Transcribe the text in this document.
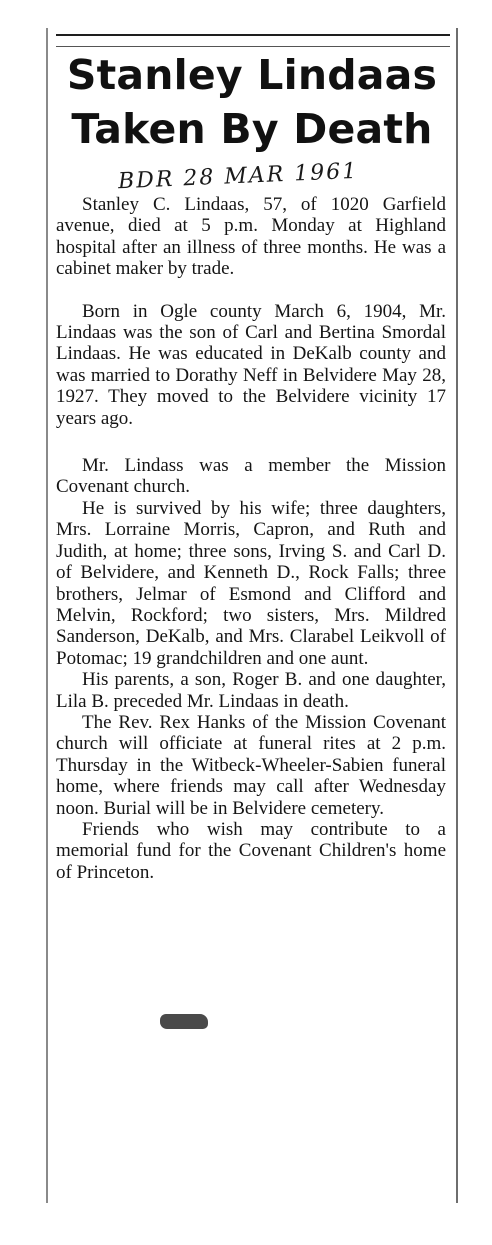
Stanley Lindaas
Taken By Death
BDR 28 MAR 1961

Stanley C. Lindaas, 57, of 1020 Garfield avenue, died at 5 p.m. Monday at Highland hospital after an illness of three months. He was a cabinet maker by trade.

Born in Ogle county March 6, 1904, Mr. Lindaas was the son of Carl and Bertina Smordal Lindaas. He was educated in DeKalb county and was married to Dorathy Neff in Belvidere May 28, 1927. They moved to the Belvidere vicinity 17 years ago.

Mr. Lindass was a member the Mission Covenant church.

He is survived by his wife; three daughters, Mrs. Lorraine Morris, Capron, and Ruth and Judith, at home; three sons, Irving S. and Carl D. of Belvidere, and Kenneth D., Rock Falls; three brothers, Jelmar of Esmond and Clifford and Melvin, Rockford; two sisters, Mrs. Mildred Sanderson, DeKalb, and Mrs. Clarabel Leikvoll of Potomac; 19 grandchildren and one aunt.

His parents, a son, Roger B. and one daughter, Lila B. preceded Mr. Lindaas in death.

The Rev. Rex Hanks of the Mission Covenant church will officiate at funeral rites at 2 p.m. Thursday in the Witbeck-Wheeler-Sabien funeral home, where friends may call after Wednesday noon. Burial will be in Belvidere cemetery.

Friends who wish may contribute to a memorial fund for the Covenant Children's home of Princeton.
